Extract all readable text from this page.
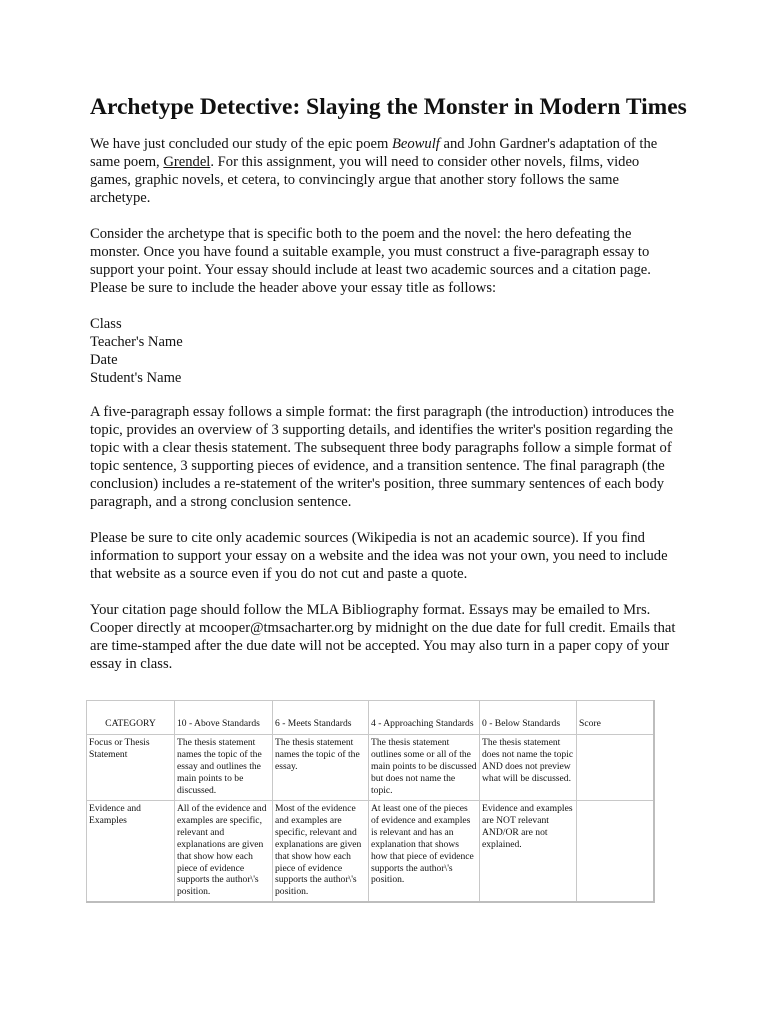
Archetype Detective: Slaying the Monster in Modern Times

We have just concluded our study of the epic poem Beowulf and John Gardner's adaptation of the same poem, Grendel. For this assignment, you will need to consider other novels, films, video games, graphic novels, et cetera, to convincingly argue that another story follows the same archetype.

Consider the archetype that is specific both to the poem and the novel: the hero defeating the monster. Once you have found a suitable example, you must construct a five-paragraph essay to support your point. Your essay should include at least two academic sources and a citation page. Please be sure to include the header above your essay title as follows:

Class
Teacher's Name
Date
Student's Name

A five-paragraph essay follows a simple format: the first paragraph (the introduction) introduces the topic, provides an overview of 3 supporting details, and identifies the writer's position regarding the topic with a clear thesis statement. The subsequent three body paragraphs follow a simple format of topic sentence, 3 supporting pieces of evidence, and a transition sentence. The final paragraph (the conclusion) includes a re-statement of the writer's position, three summary sentences of each body paragraph, and a strong conclusion sentence.

Please be sure to cite only academic sources (Wikipedia is not an academic source). If you find information to support your essay on a website and the idea was not your own, you need to include that website as a source even if you do not cut and paste a quote.

Your citation page should follow the MLA Bibliography format. Essays may be emailed to Mrs. Cooper directly at mcooper@tmsacharter.org by midnight on the due date for full credit. Emails that are time-stamped after the due date will not be accepted. You may also turn in a paper copy of your essay in class.

CATEGORY	10 - Above Standards	6 - Meets Standards	4 - Approaching Standards	0 - Below Standards	Score
Focus or Thesis Statement	The thesis statement names the topic of the essay and outlines the main points to be discussed.	The thesis statement names the topic of the essay.	The thesis statement outlines some or all of the main points to be discussed but does not name the topic.	The thesis statement does not name the topic AND does not preview what will be discussed.	
Evidence and Examples	All of the evidence and examples are specific, relevant and explanations are given that show how each piece of evidence supports the author\'s position.	Most of the evidence and examples are specific, relevant and explanations are given that show how each piece of evidence supports the author\'s position.	At least one of the pieces of evidence and examples is relevant and has an explanation that shows how that piece of evidence supports the author\'s position.	Evidence and examples are NOT relevant AND/OR are not explained.	
